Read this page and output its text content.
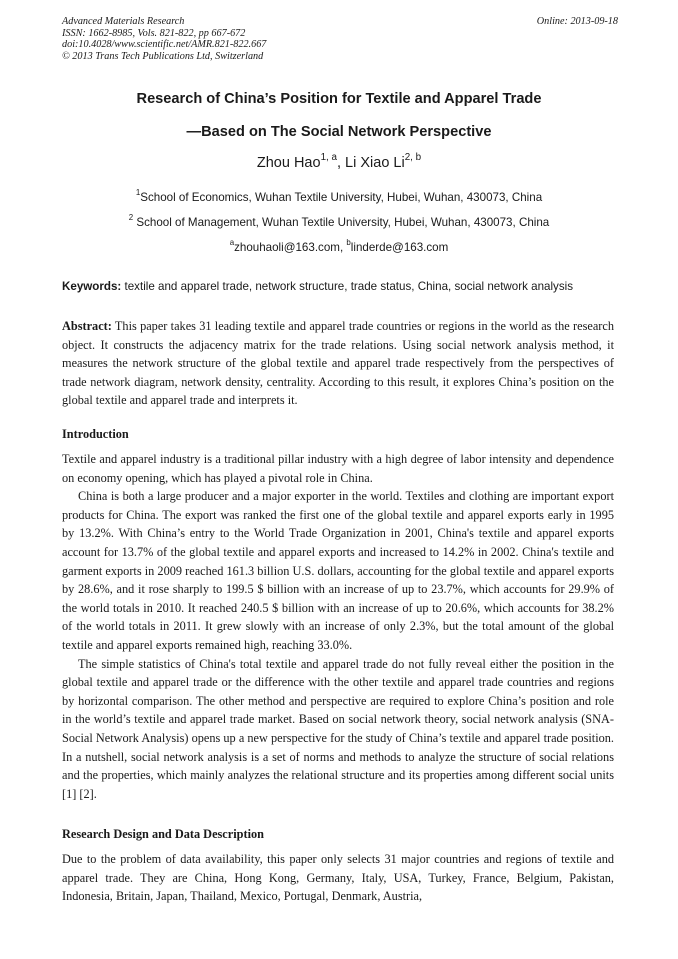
Advanced Materials Research
ISSN: 1662-8985, Vols. 821-822, pp 667-672
doi:10.4028/www.scientific.net/AMR.821-822.667
© 2013 Trans Tech Publications Ltd, Switzerland
Online: 2013-09-18
Research of China’s Position for Textile and Apparel Trade
—Based on The Social Network Perspective
Zhou Hao$^{1, a}$, Li Xiao Li$^{2, b}$
$^1$School of Economics, Wuhan Textile University, Hubei, Wuhan, 430073, China
$^2$ School of Management, Wuhan Textile University, Hubei, Wuhan, 430073, China
$^a$zhouhaoli@163.com, $^b$linderde@163.com
Keywords: textile and apparel trade, network structure, trade status, China, social network analysis
Abstract: This paper takes 31 leading textile and apparel trade countries or regions in the world as the research object. It constructs the adjacency matrix for the trade relations. Using social network analysis method, it measures the network structure of the global textile and apparel trade respectively from the perspectives of trade network diagram, network density, centrality. According to this result, it explores China’s position on the global textile and apparel trade and interprets it.
Introduction

Textile and apparel industry is a traditional pillar industry with a high degree of labor intensity and dependence on economy opening, which has played a pivotal role in China.

China is both a large producer and a major exporter in the world. Textiles and clothing are important export products for China. The export was ranked the first one of the global textile and apparel exports early in 1995 by 13.2%. With China’s entry to the World Trade Organization in 2001, China's textile and apparel exports account for 13.7% of the global textile and apparel exports and increased to 14.2% in 2002. China's textile and garment exports in 2009 reached 161.3 billion U.S. dollars, accounting for the global textile and apparel exports by 28.6%, and it rose sharply to 199.5 $ billion with an increase of up to 23.7%, which accounts for 29.9% of the world totals in 2010. It reached 240.5 $ billion with an increase of up to 20.6%, which accounts for 38.2% of the world totals in 2011. It grew slowly with an increase of only 2.3%, but the total amount of the global textile and apparel exports remained high, reaching 33.0%.

The simple statistics of China's total textile and apparel trade do not fully reveal either the position in the global textile and apparel trade or the difference with the other textile and apparel trade countries and regions by horizontal comparison. The other method and perspective are required to explore China’s position and role in the world’s textile and apparel trade market. Based on social network theory, social network analysis (SNA-Social Network Analysis) opens up a new perspective for the study of China’s textile and apparel trade position. In a nutshell, social network analysis is a set of norms and methods to analyze the structure of social relations and the properties, which mainly analyzes the relational structure and its properties among different social units [1] [2].

Research Design and Data Description

Due to the problem of data availability, this paper only selects 31 major countries and regions of textile and apparel trade. They are China, Hong Kong, Germany, Italy, USA, Turkey, France, Belgium, Pakistan, Indonesia, Britain, Japan, Thailand, Mexico, Portugal, Denmark, Austria,
